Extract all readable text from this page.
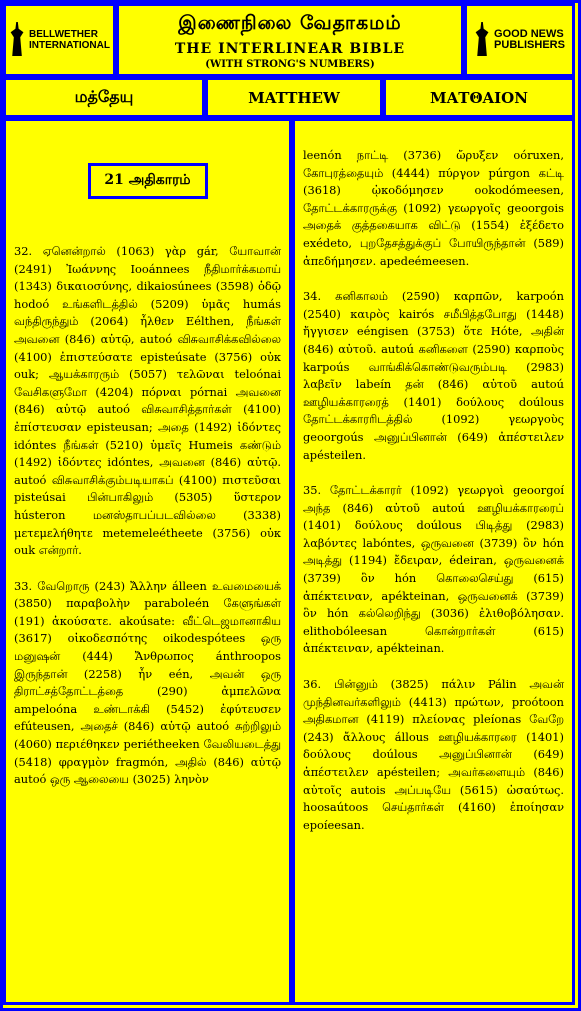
BELLWETHER
INTERNATIONAL
இணைநிலை வேதாகமம்
THE INTERLINEAR BIBLE
(WITH STRONG'S NUMBERS)
GOOD NEWS
PUBLISHERS
மத்தேயு	MATTHEW	ΜΑΤΘΑΙΟΝ
21 அதிகாரம்

32. ஏனென்றால் (1063) γὰρ gár, யோவான் (2491) Ἰωάννης Iooánnees நீதிமார்க்கமாய் (1343) δικαιοσύνης, dikaiosúnees (3598) ὁδῷ hodoó உங்களிடத்தில் (5209) ὑμᾶς humás வந்திருந்தும் (2064) ἦλθεν Eélthen, நீங்கள் அவனை (846) αὐτῷ, autoó விசுவாசிக்கவில்லை (4100) ἐπιστεύσατε episteúsate (3756) οὐκ ouk; ஆயக்காரரும் (5057) τελῶναι teloónai வேசிகளுமோ (4204) πόρναι pórnai அவனை (846) αὐτῷ autoó விசுவாசித்தார்கள் (4100) ἐπίστευσαν episteusan; அதை (1492) ἰδόντες idóntes நீங்கள் (5210) ὑμεῖς Humeis கண்டும் (1492) ἰδόντες idóntes, அவனை (846) αὐτῷ. autoó விசுவாசிக்கும்படியாகப் (4100) πιστεῦσαι pisteúsai பின்பாகிலும் (5305) ὕστερον hústeron மனஸ்தாபப்படவில்லை (3338) μετεμελήθητε metemeleétheete (3756) οὐκ ouk என்றார்.

33. வேறொரு (243) Ἄλλην álleen உவமையைக் (3850) παραβολὴν paraboleén கேளுங்கள் (191) ἀκούσατε. akoúsate: வீட்டெஜமானாகிய (3617) οἰκοδεσπότης oikodespótees ஒரு மனுஷன் (444) Ἄνθρωπος ánthroopos இருந்தான் (2258) ἦν eén, அவன் ஒரு திராட்சத்தோட்டத்தை (290) ἀμπελῶνα ampeloóna உண்டாக்கி (5452) ἐφύτευσεν efúteusen, அதைச் (846) αὐτῷ autoó சுற்றிலும் (4060) περιέθηκεν periétheeken வேலியடைத்து (5418) φραγμὸν fragmón, அதில் (846) αὐτῷ autoó ஒரு ஆலையை (3025) ληνὸν

leenón நாட்டி (3736) ὤρυξεν oóruxen, கோபுரத்தையும் (4444) πύργον púrgon கட்டி (3618) ᾠκοδόμησεν ookodómeesen, தோட்டக்காரருக்கு (1092) γεωργοῖς geoorgois அதைக் குத்தகையாக விட்டு (1554) ἐξέδετο exédeto, புறதேசத்துக்குப் போயிருந்தான் (589) ἀπεδήμησεν. apedeémeesen.

34. கனிகாலம் (2590) καρπῶν, karpoón (2540) καιρὸς kairós சமீபித்தபோது (1448) ἤγγισεν eéngisen (3753) ὅτε Hóte, அதின் (846) αὐτοῦ. autoú கனிகளை (2590) καρποὺς karpoús வாங்கிக்கொண்டுவரும்படி (2983) λαβεῖν labeín தன் (846) αὐτοῦ autoú ஊழியக்காரரைத் (1401) δούλους doúlous தோட்டக்காரரிடத்தில் (1092) γεωργοὺς geoorgoús அனுப்பினான் (649) ἀπέστειλεν apésteilen.

35. தோட்டக்காரர் (1092) γεωργοὶ geoorgoí அந்த (846) αὐτοῦ autoú ஊழியக்காரரைப் (1401) δούλους doúlous பிடித்து (2983) λαβόντες labóntes, ஒருவனை (3739) ὃν hón அடித்து (1194) ἔδειραν, édeiran, ஒருவனைக் (3739) ὃν hón கொலைசெய்து (615) ἀπέκτειναν, apékteinan, ஒருவனைக் (3739) ὃν hón கல்லெறிந்து (3036) ἐλιθοβόλησαν. elithobóleesan கொன்றார்கள் (615) ἀπέκτειναν, apékteinan.

36. பின்னும் (3825) πάλιν Pálin அவன் முந்தினவர்களிலும் (4413) πρώτων, proótoon அதிகமான (4119) πλείονας pleíonas வேறே (243) ἄλλους állous ஊழியக்காரரை (1401) δούλους doúlous அனுப்பினான் (649) ἀπέστειλεν apésteilen; அவர்களையும் (846) αὐτοῖς autois அப்படியே (5615) ὡσαύτως. hoosaútoos செய்தார்கள் (4160) ἐποίησαν epoíeesan.
